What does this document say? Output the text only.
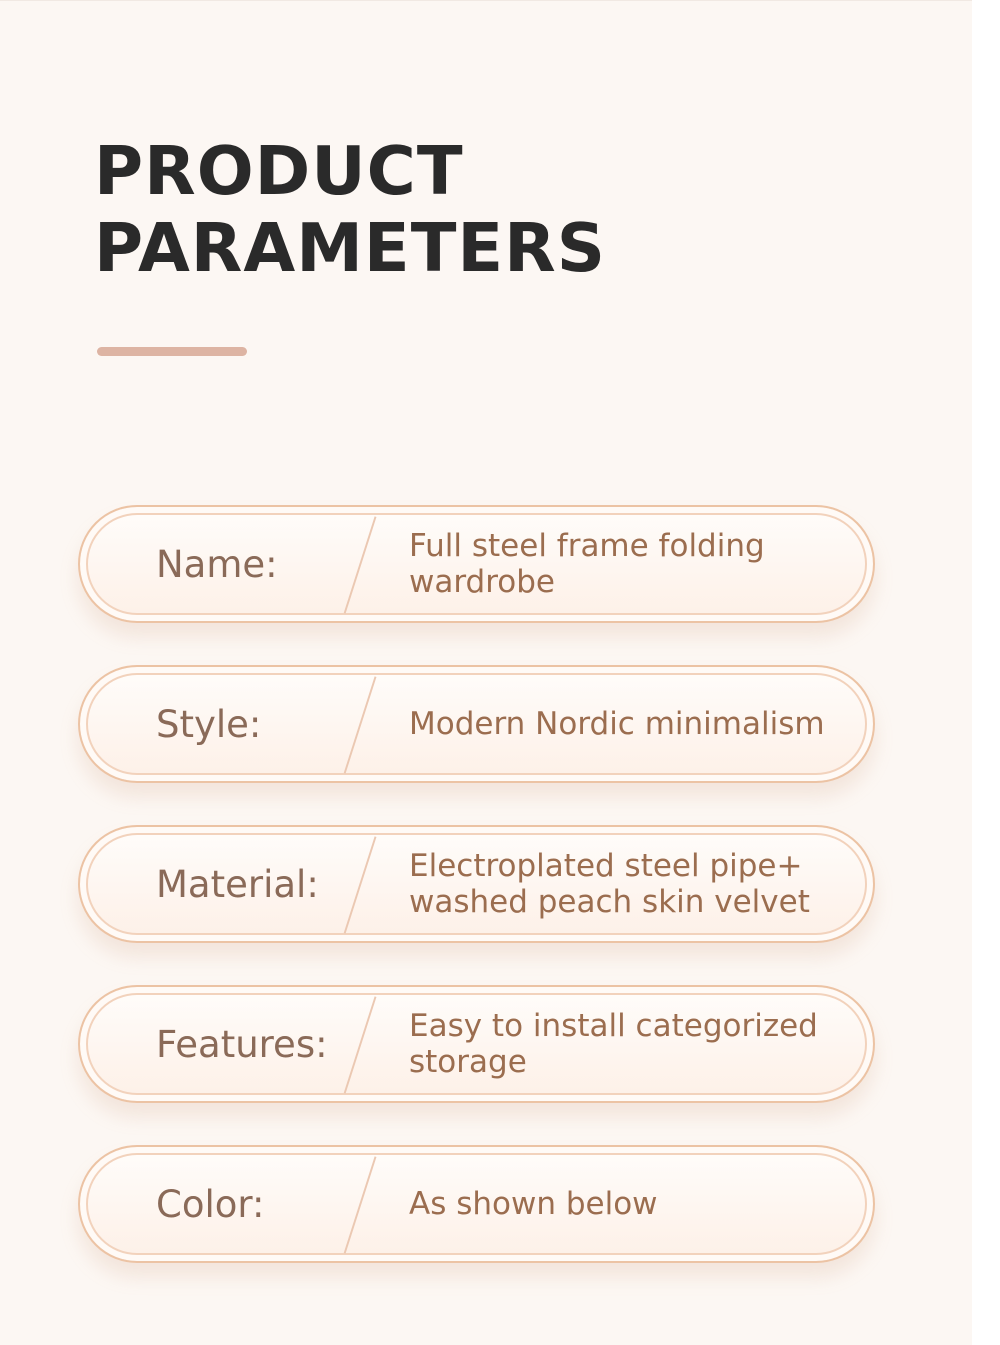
PRODUCT
PARAMETERS
Name:	Full steel frame folding wardrobe
Style:	Modern Nordic minimalism
Material:	Electroplated steel pipe+ washed peach skin velvet
Features:	Easy to install categorized storage
Color:	As shown below
